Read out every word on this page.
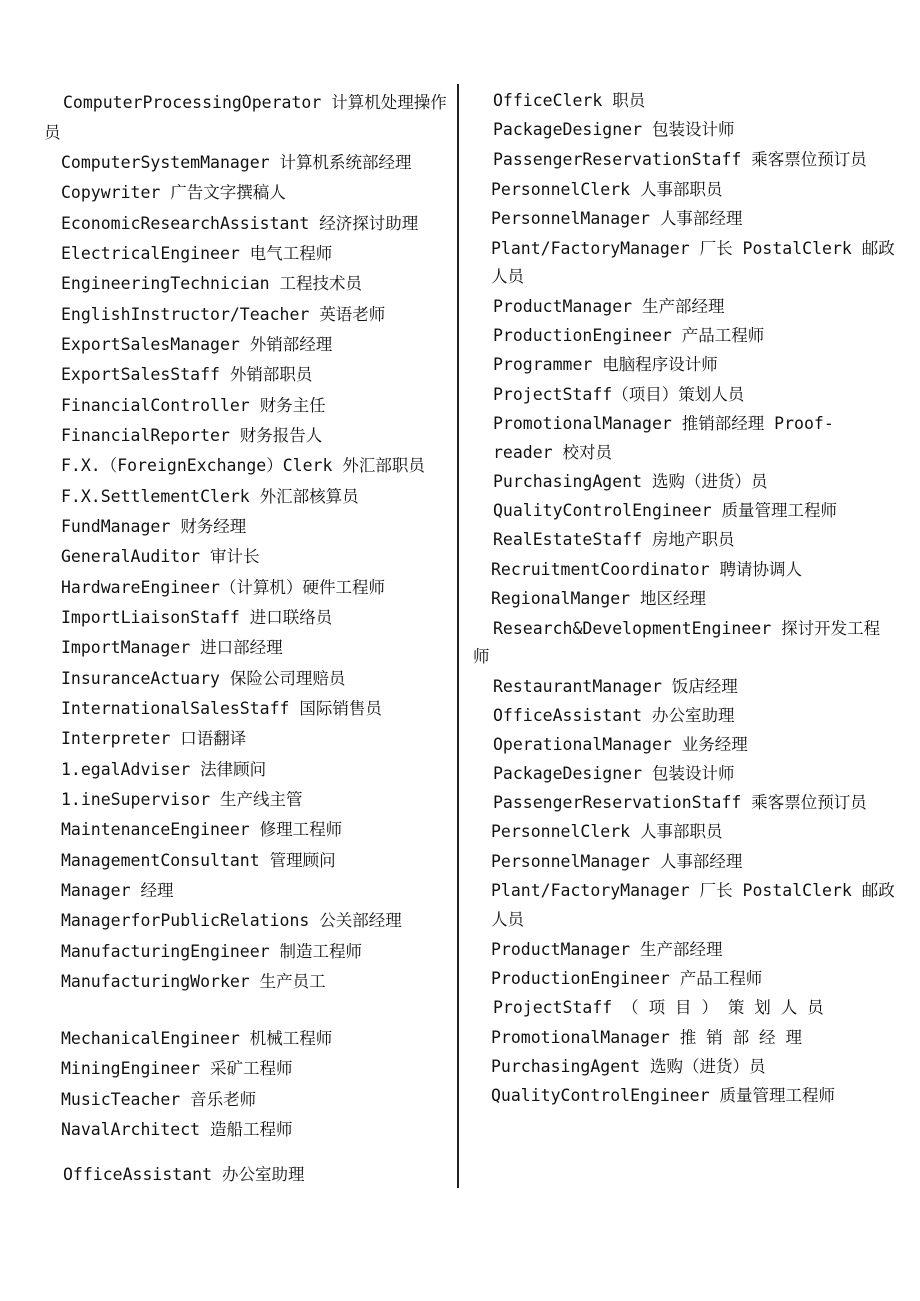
ComputerProcessingOperator 计算机处理操作
员
ComputerSystemManager 计算机系统部经理
Copywriter 广告文字撰稿人
EconomicResearchAssistant 经济探讨助理
ElectricalEngineer 电气工程师
EngineeringTechnician 工程技术员
EnglishInstructor/Teacher 英语老师
ExportSalesManager 外销部经理
ExportSalesStaff 外销部职员
FinancialController 财务主任
FinancialReporter 财务报告人
F.X.（ForeignExchange）Clerk 外汇部职员
F.X.SettlementClerk 外汇部核算员
FundManager 财务经理
GeneralAuditor 审计长
HardwareEngineer（计算机）硬件工程师
ImportLiaisonStaff 进口联络员
ImportManager 进口部经理
InsuranceActuary 保险公司理赔员
InternationalSalesStaff 国际销售员
Interpreter 口语翻译
1.egalAdviser 法律顾问
1.ineSupervisor 生产线主管
MaintenanceEngineer 修理工程师
ManagementConsultant 管理顾问
Manager 经理
ManagerforPublicRelations 公关部经理
ManufacturingEngineer 制造工程师
ManufacturingWorker 生产员工
MechanicalEngineer 机械工程师
MiningEngineer 采矿工程师
MusicTeacher 音乐老师
NavalArchitect 造船工程师
OfficeAssistant 办公室助理
OfficeClerk 职员
PackageDesigner 包装设计师
PassengerReservationStaff 乘客票位预订员
PersonnelClerk 人事部职员
PersonnelManager 人事部经理
Plant/FactoryManager 厂长 PostalClerk 邮政
人员
ProductManager 生产部经理
ProductionEngineer 产品工程师
Programmer 电脑程序设计师
ProjectStaff（项目）策划人员
PromotionalManager 推销部经理 Proof-
reader 校对员
PurchasingAgent 选购（进货）员
QualityControlEngineer 质量管理工程师
RealEstateStaff 房地产职员
RecruitmentCoordinator 聘请协调人
RegionalManger 地区经理
Research&DevelopmentEngineer 探讨开发工程
师
RestaurantManager 饭店经理
OfficeAssistant 办公室助理
OperationalManager 业务经理
PackageDesigner 包装设计师
PassengerReservationStaff 乘客票位预订员
PersonnelClerk 人事部职员
PersonnelManager 人事部经理
Plant/FactoryManager 厂长 PostalClerk 邮政
人员
ProductManager 生产部经理
ProductionEngineer 产品工程师
ProjectStaff （ 项 目 ） 策 划 人 员
PromotionalManager 推 销 部 经 理
PurchasingAgent 选购（进货）员
QualityControlEngineer 质量管理工程师
